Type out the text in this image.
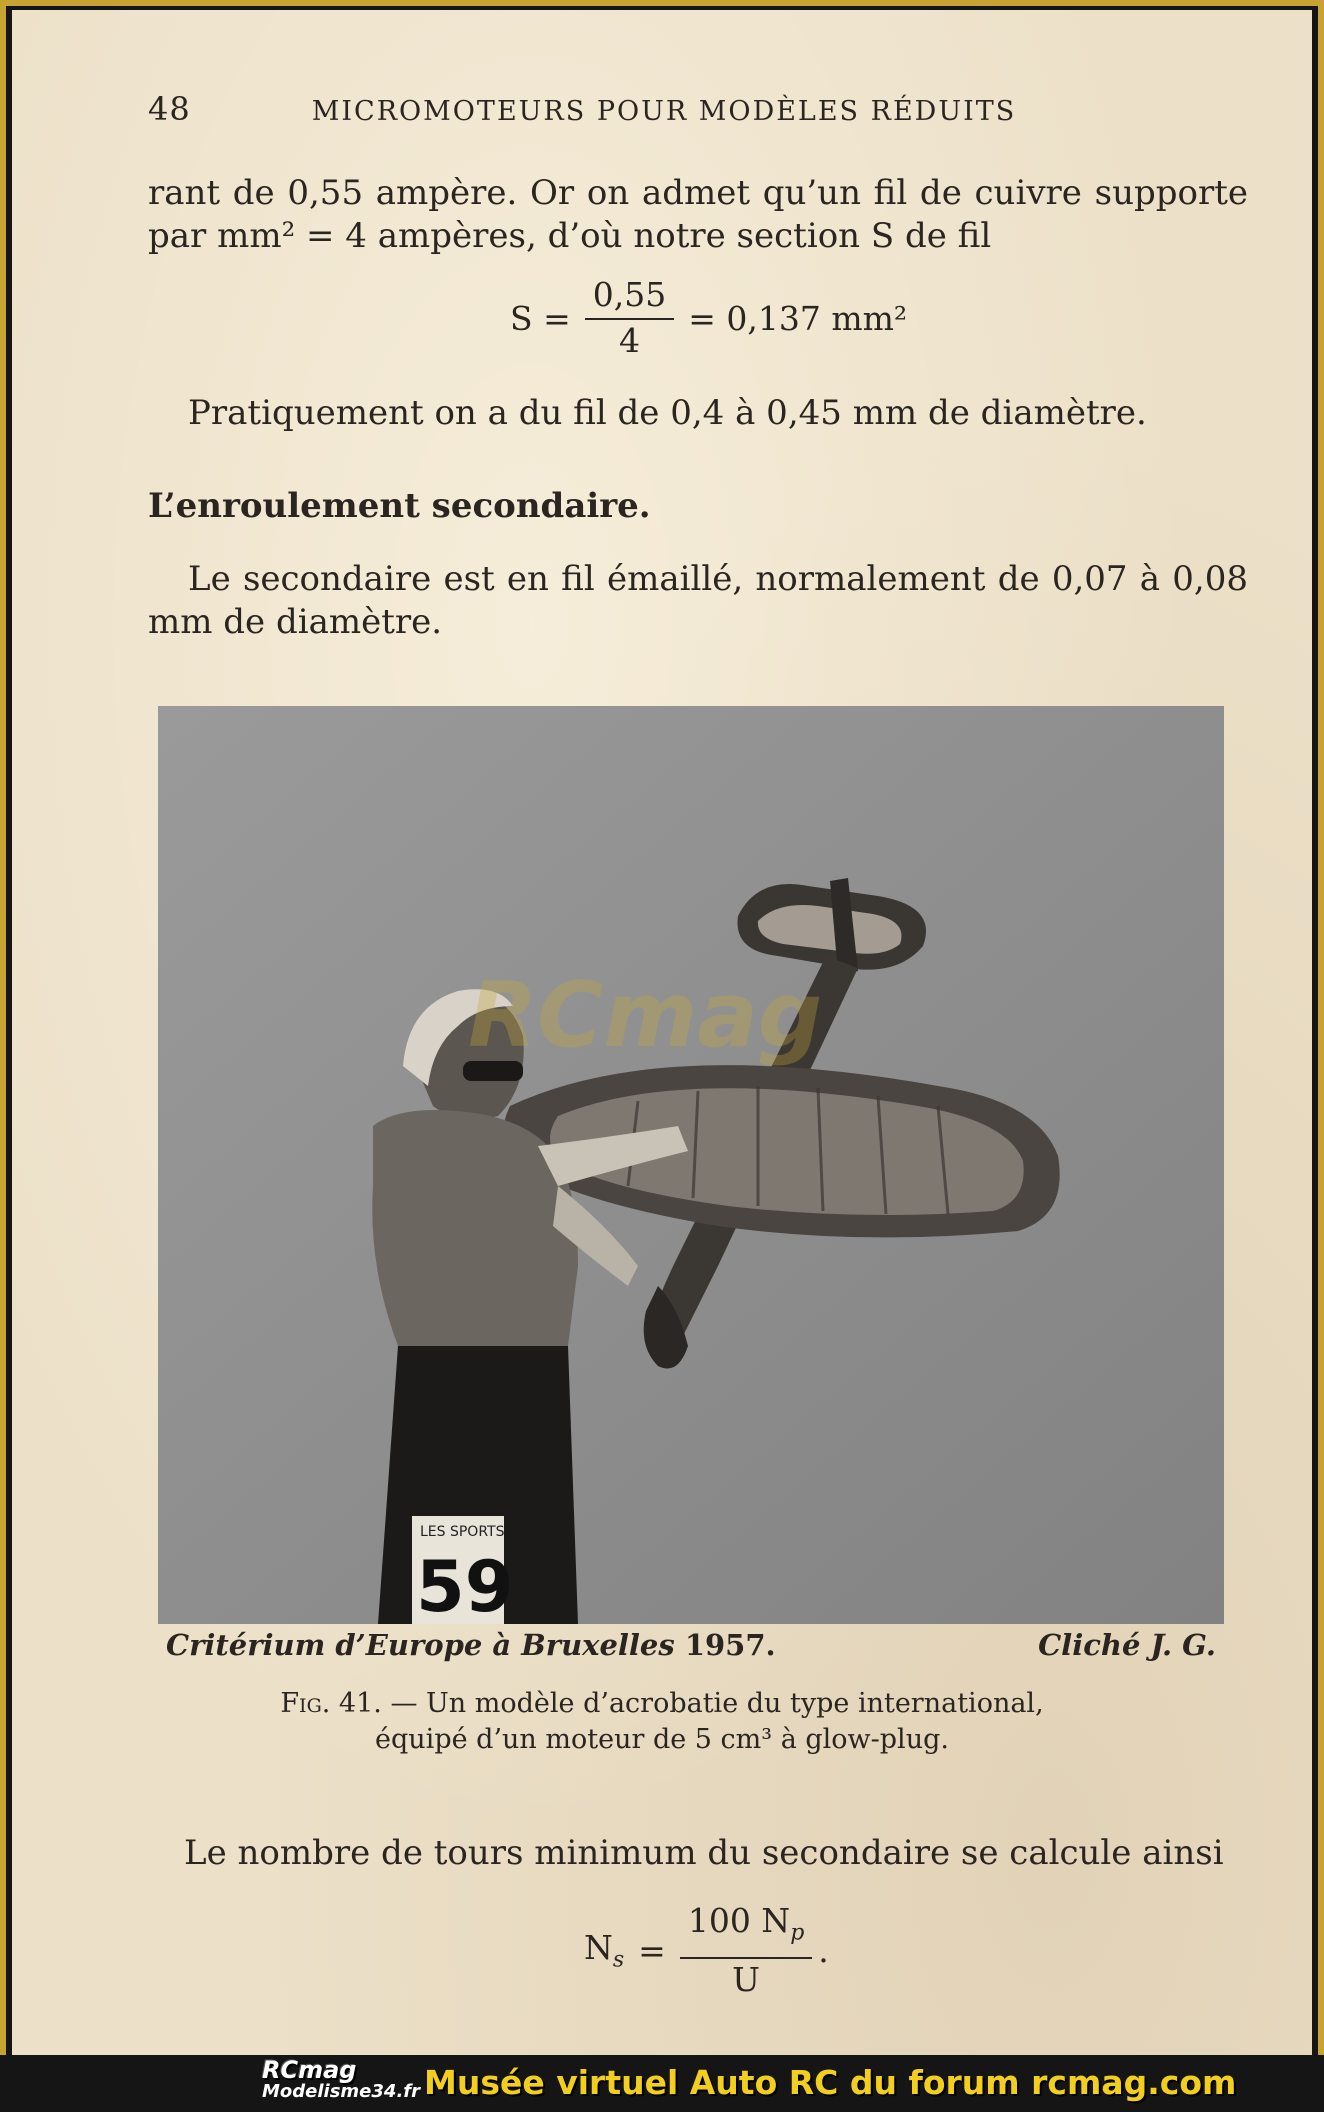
48	MICROMOTEURS POUR MODÈLES RÉDUITS
rant de 0,55 ampère. Or on admet qu’un fil de cuivre supporte par mm² = 4 ampères, d’où notre section S de fil
$S = \frac{0,55}{4} = 0,137$ mm²
Pratiquement on a du fil de 0,4 à 0,45 mm de diamètre.
L’enroulement secondaire.
Le secondaire est en fil émaillé, normalement de 0,07 à 0,08 mm de diamètre.
LES SPORTS
59
RCmag
Critérium d’Europe à Bruxelles 1957.	Cliché J. G.
Fig. 41. — Un modèle d’acrobatie du type international,
équipé d’un moteur de 5 cm³ à glow-plug.
Le nombre de tours minimum du secondaire se calcule ainsi
$N_s = \frac{100 N_p}{U}$ .
RCmag
Modelisme34.fr Musée virtuel Auto RC du forum rcmag.com
